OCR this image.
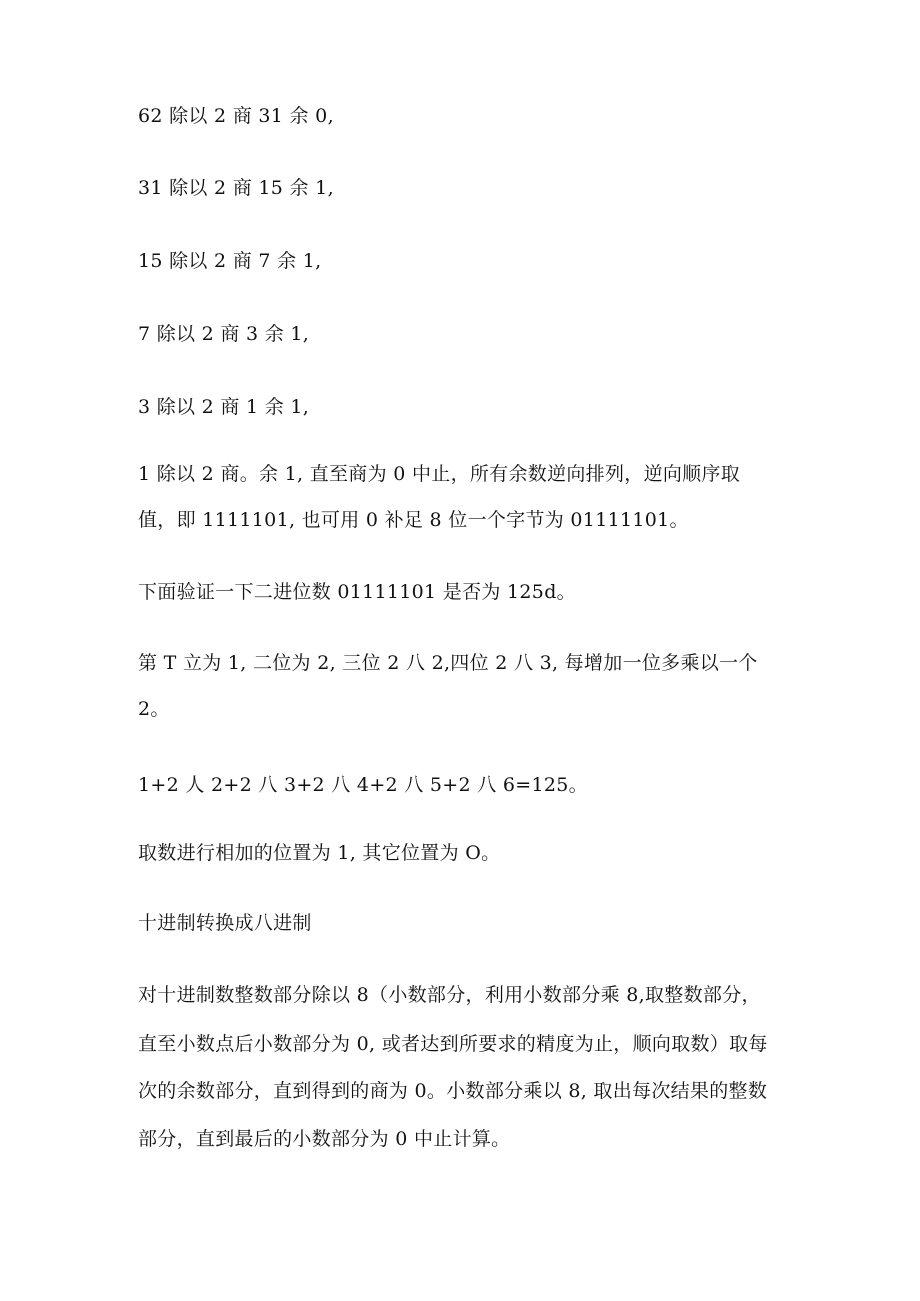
62 除以 2 商 31 余 0,
31 除以 2 商 15 余 1,
15 除以 2 商 7 余 1,
7 除以 2 商 3 余 1,
3 除以 2 商 1 余 1,
1 除以 2 商。余 1, 直至商为 0 中止，所有余数逆向排列，逆向顺序取
值，即 1111101, 也可用 0 补足 8 位一个字节为 01111101。
下面验证一下二进位数 01111101 是否为 125d。
第 T 立为 1, 二位为 2, 三位 2 八 2,四位 2 八 3, 每增加一位多乘以一个
2。
1+2 人 2+2 八 3+2 八 4+2 八 5+2 八 6=125。
取数进行相加的位置为 1, 其它位置为 O。
十进制转换成八进制
对十进制数整数部分除以 8（小数部分，利用小数部分乘 8,取整数部分，
直至小数点后小数部分为 0, 或者达到所要求的精度为止，顺向取数）取每
次的余数部分，直到得到的商为 0。小数部分乘以 8, 取出每次结果的整数
部分，直到最后的小数部分为 0 中止计算。
